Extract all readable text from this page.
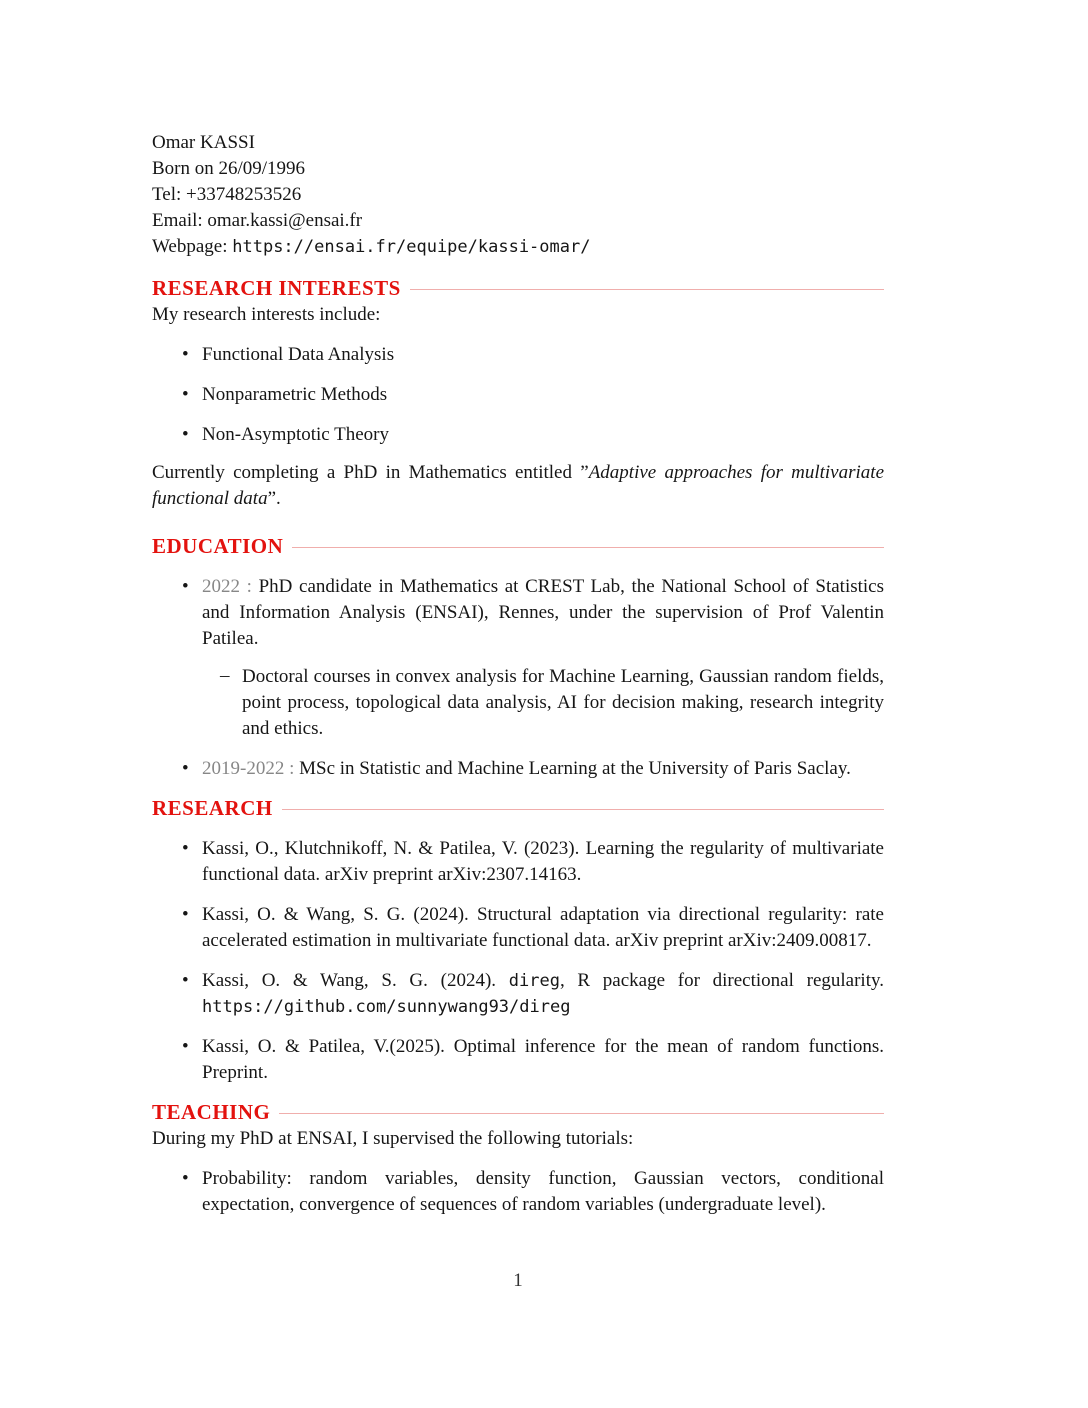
Omar KASSI
Born on 26/09/1996
Tel: +33748253526
Email: omar.kassi@ensai.fr
Webpage: https://ensai.fr/equipe/kassi-omar/
RESEARCH INTERESTS

My research interests include:

• Functional Data Analysis
• Nonparametric Methods
• Non-Asymptotic Theory

Currently completing a PhD in Mathematics entitled ”Adaptive approaches for multivariate functional data”.

EDUCATION
• 2022 : PhD candidate in Mathematics at CREST Lab, the National School of Statistics and Information Analysis (ENSAI), Rennes, under the supervision of Prof Valentin Patilea.
– Doctoral courses in convex analysis for Machine Learning, Gaussian random fields, point process, topological data analysis, AI for decision making, research integrity and ethics.
• 2019-2022 : MSc in Statistic and Machine Learning at the University of Paris Saclay.
RESEARCH
• Kassi, O., Klutchnikoff, N. & Patilea, V. (2023). Learning the regularity of multivariate functional data. arXiv preprint arXiv:2307.14163.
• Kassi, O. & Wang, S. G. (2024). Structural adaptation via directional regularity: rate accelerated estimation in multivariate functional data. arXiv preprint arXiv:2409.00817.
• Kassi, O. & Wang, S. G. (2024). direg, R package for directional regularity. https://github.com/sunnywang93/direg
• Kassi, O. & Patilea, V.(2025). Optimal inference for the mean of random functions. Preprint.
TEACHING

During my PhD at ENSAI, I supervised the following tutorials:

• Probability: random variables, density function, Gaussian vectors, conditional expectation, convergence of sequences of random variables (undergraduate level).
1
